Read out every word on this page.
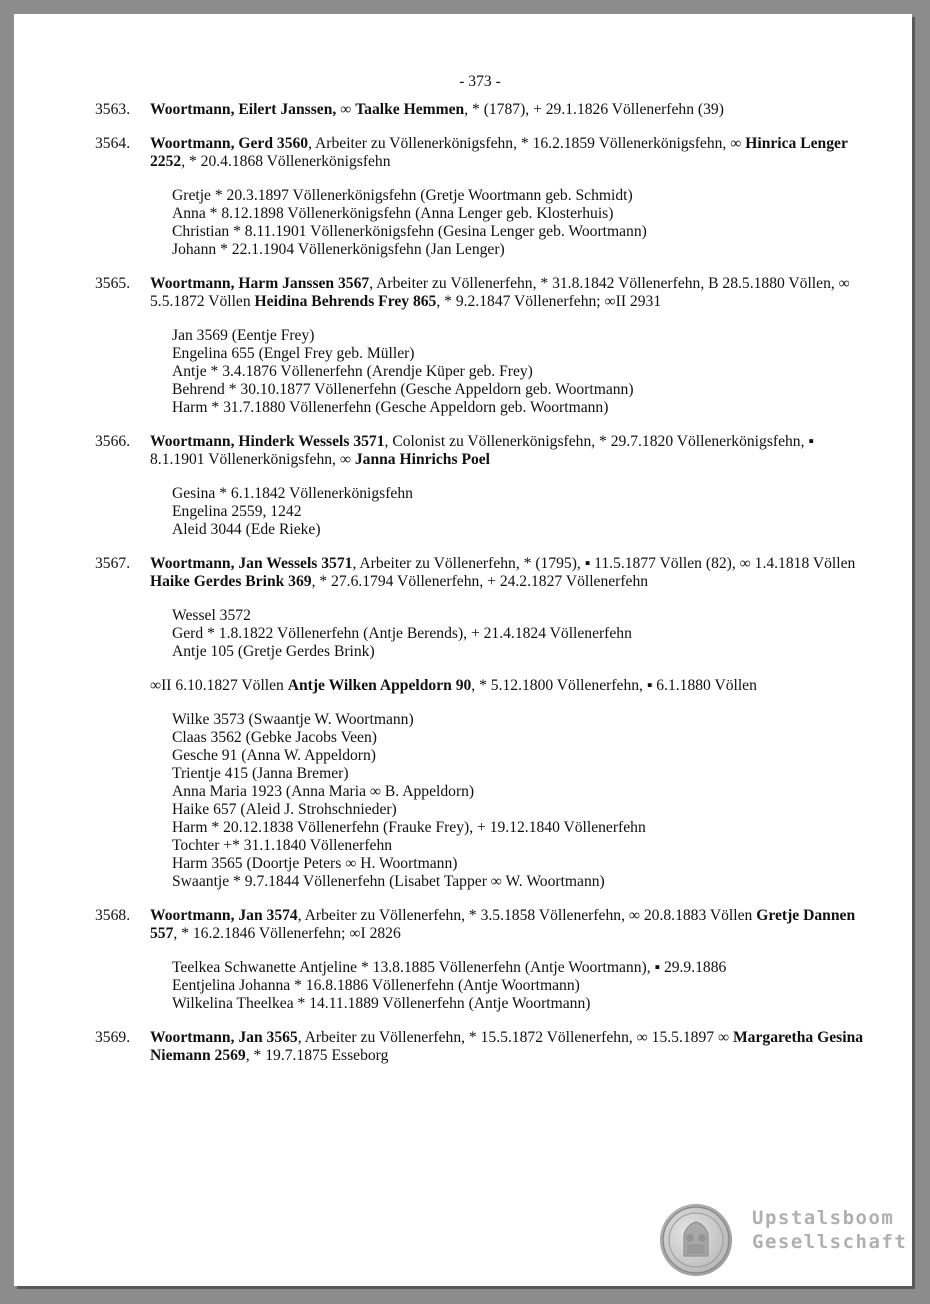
- 373 -
3563. Woortmann, Eilert Janssen, ∞ Taalke Hemmen, * (1787), + 29.1.1826 Völlenerfehn (39)

3564. Woortmann, Gerd 3560, Arbeiter zu Völlenerkönigsfehn, * 16.2.1859 Völlenerkönigsfehn, ∞ Hinrica Lenger 2252, * 20.4.1868 Völlenerkönigsfehn

Gretje * 20.3.1897 Völlenerkönigsfehn (Gretje Woortmann geb. Schmidt)
Anna * 8.12.1898 Völlenerkönigsfehn (Anna Lenger geb. Klosterhuis)
Christian * 8.11.1901 Völlenerkönigsfehn (Gesina Lenger geb. Woortmann)
Johann * 22.1.1904 Völlenerkönigsfehn (Jan Lenger)
3565. Woortmann, Harm Janssen 3567, Arbeiter zu Völlenerfehn, * 31.8.1842 Völlenerfehn, B 28.5.1880 Völlen, ∞ 5.5.1872 Völlen Heidina Behrends Frey 865, * 9.2.1847 Völlenerfehn; ∞II 2931

Jan 3569 (Eentje Frey)
Engelina 655 (Engel Frey geb. Müller)
Antje * 3.4.1876 Völlenerfehn (Arendje Küper geb. Frey)
Behrend * 30.10.1877 Völlenerfehn (Gesche Appeldorn geb. Woortmann)
Harm * 31.7.1880 Völlenerfehn (Gesche Appeldorn geb. Woortmann)
3566. Woortmann, Hinderk Wessels 3571, Colonist zu Völlenerkönigsfehn, * 29.7.1820 Völlenerkönigsfehn, ▪ 8.1.1901 Völlenerkönigsfehn, ∞ Janna Hinrichs Poel

Gesina * 6.1.1842 Völlenerkönigsfehn
Engelina 2559, 1242
Aleid 3044 (Ede Rieke)
3567. Woortmann, Jan Wessels 3571, Arbeiter zu Völlenerfehn, * (1795), ▪ 11.5.1877 Völlen (82), ∞ 1.4.1818 Völlen Haike Gerdes Brink 369, * 27.6.1794 Völlenerfehn, + 24.2.1827 Völlenerfehn

Wessel 3572
Gerd * 1.8.1822 Völlenerfehn (Antje Berends), + 21.4.1824 Völlenerfehn
Antje 105 (Gretje Gerdes Brink)

∞II 6.10.1827 Völlen Antje Wilken Appeldorn 90, * 5.12.1800 Völlenerfehn, ▪ 6.1.1880 Völlen

Wilke 3573 (Swaantje W. Woortmann)
Claas 3562 (Gebke Jacobs Veen)
Gesche 91 (Anna W. Appeldorn)
Trientje 415 (Janna Bremer)
Anna Maria 1923 (Anna Maria ∞ B. Appeldorn)
Haike 657 (Aleid J. Strohschnieder)
Harm * 20.12.1838 Völlenerfehn (Frauke Frey), + 19.12.1840 Völlenerfehn
Tochter +* 31.1.1840 Völlenerfehn
Harm 3565 (Doortje Peters ∞ H. Woortmann)
Swaantje * 9.7.1844 Völlenerfehn (Lisabet Tapper ∞ W. Woortmann)
3568. Woortmann, Jan 3574, Arbeiter zu Völlenerfehn, * 3.5.1858 Völlenerfehn, ∞ 20.8.1883 Völlen Gretje Dannen 557, * 16.2.1846 Völlenerfehn; ∞I 2826

Teelkea Schwanette Antjeline * 13.8.1885 Völlenerfehn (Antje Woortmann), ▪ 29.9.1886
Eentjelina Johanna * 16.8.1886 Völlenerfehn (Antje Woortmann)
Wilkelina Theelkea * 14.11.1889 Völlenerfehn (Antje Woortmann)
3569. Woortmann, Jan 3565, Arbeiter zu Völlenerfehn, * 15.5.1872 Völlenerfehn, ∞ 15.5.1897 ∞ Margaretha Gesina Niemann 2569, * 19.7.1875 Esseborg

Upstalsboom
Gesellschaft
